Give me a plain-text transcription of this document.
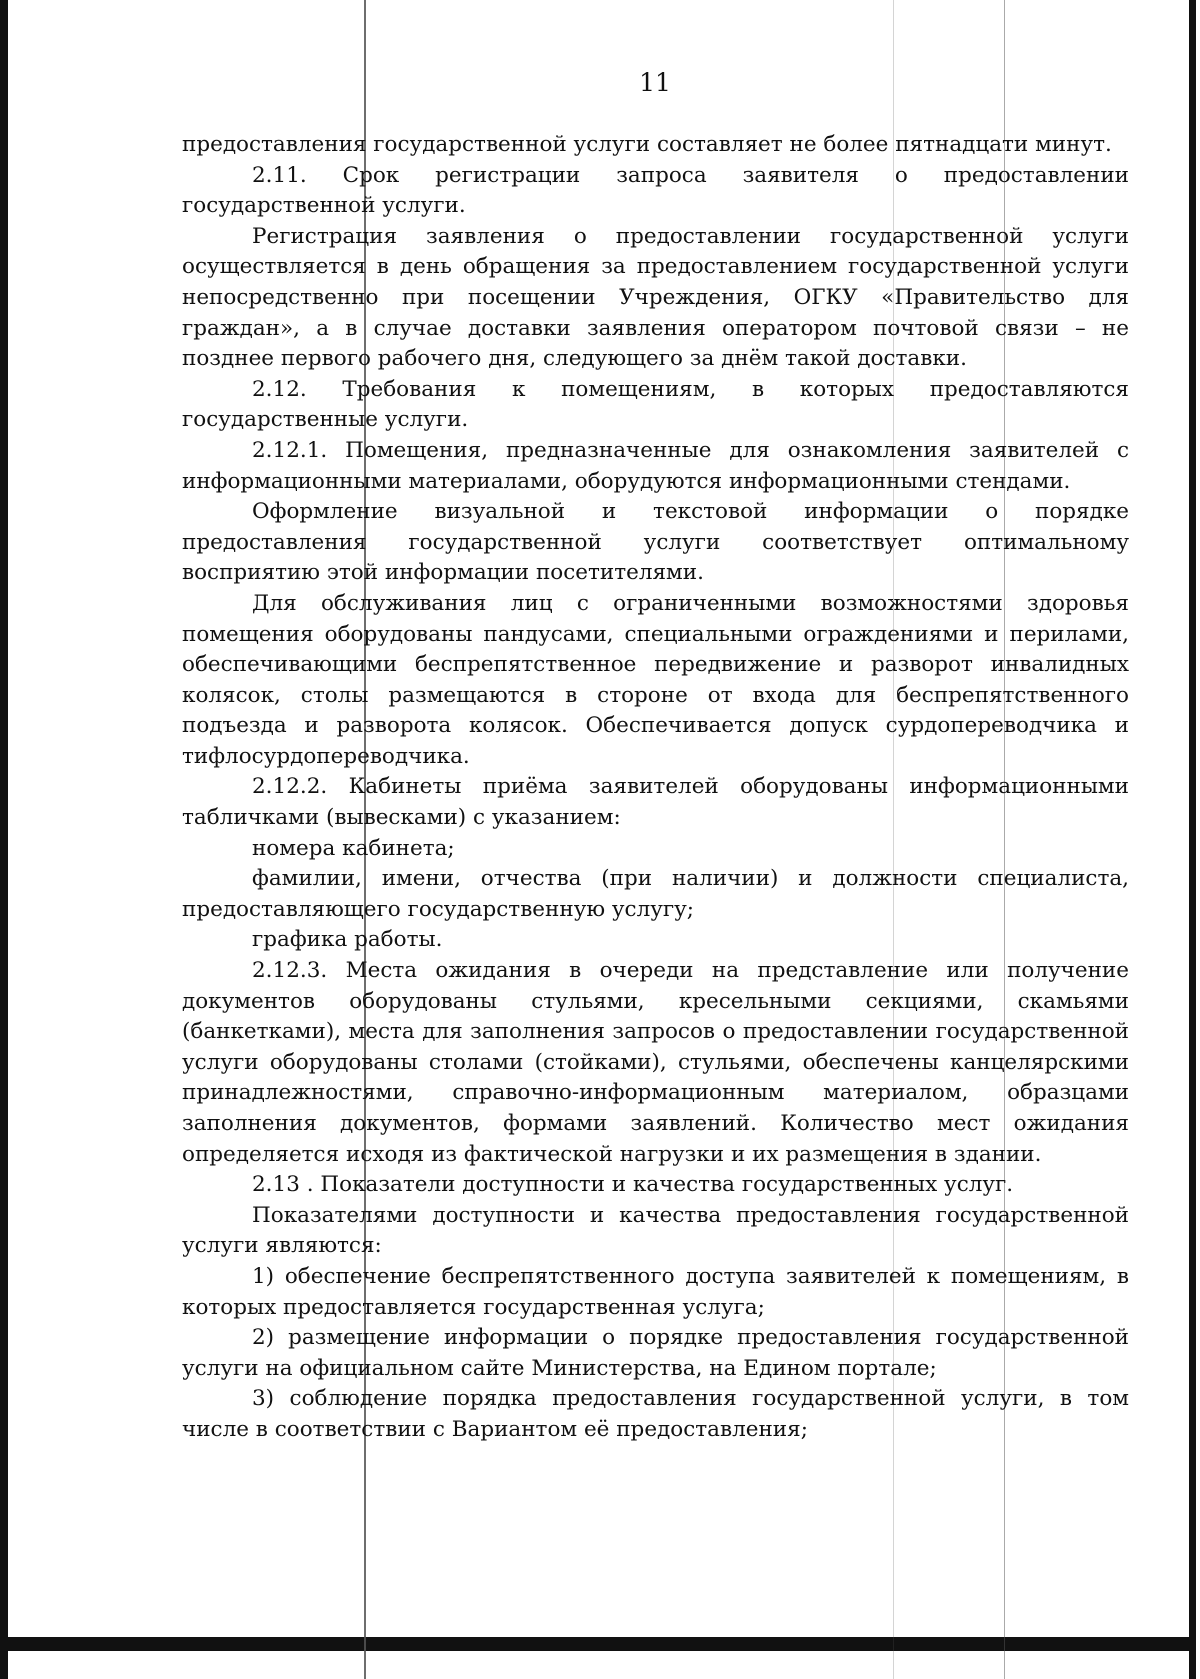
11

предоставления государственной услуги составляет не более пятнадцати минут.

2.11. Срок регистрации запроса заявителя о предоставлении государственной услуги.

Регистрация заявления о предоставлении государственной услуги осуществляется в день обращения за предоставлением государственной услуги непосредственно при посещении Учреждения, ОГКУ «Правительство для граждан», а в случае доставки заявления оператором почтовой связи – не позднее первого рабочего дня, следующего за днём такой доставки.

2.12. Требования к помещениям, в которых предоставляются государственные услуги.

2.12.1. Помещения, предназначенные для ознакомления заявителей с информационными материалами, оборудуются информационными стендами.

Оформление визуальной и текстовой информации о порядке предоставления государственной услуги соответствует оптимальному восприятию этой информации посетителями.

Для обслуживания лиц с ограниченными возможностями здоровья помещения оборудованы пандусами, специальными ограждениями и перилами, обеспечивающими беспрепятственное передвижение и разворот инвалидных колясок, столы размещаются в стороне от входа для беспрепятственного подъезда и разворота колясок. Обеспечивается допуск сурдопереводчика и тифлосурдопереводчика.

2.12.2. Кабинеты приёма заявителей оборудованы информационными табличками (вывесками) с указанием:

номера кабинета;

фамилии, имени, отчества (при наличии) и должности специалиста, предоставляющего государственную услугу;

графика работы.

2.12.3. Места ожидания в очереди на представление или получение документов оборудованы стульями, кресельными секциями, скамьями (банкетками), места для заполнения запросов о предоставлении государственной услуги оборудованы столами (стойками), стульями, обеспечены канцелярскими принадлежностями, справочно-информационным материалом, образцами заполнения документов, формами заявлений. Количество мест ожидания определяется исходя из фактической нагрузки и их размещения в здании.

2.13 . Показатели доступности и качества государственных услуг.

Показателями доступности и качества предоставления государственной услуги являются:

1) обеспечение беспрепятственного доступа заявителей к помещениям, в которых предоставляется государственная услуга;

2) размещение информации о порядке предоставления государственной услуги на официальном сайте Министерства, на Едином портале;

3) соблюдение порядка предоставления государственной услуги, в том числе в соответствии с Вариантом её предоставления;
